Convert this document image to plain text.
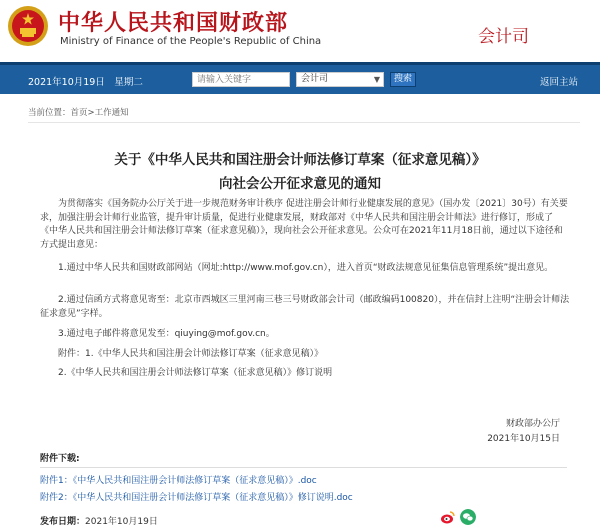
中华人民共和国财政部
Ministry of Finance of the People's Republic of China	会计司
2021年10月19日　星期二
请输入关键字	会计司	▼	搜索	返回主站
当前位置：首页>工作通知
关于《中华人民共和国注册会计师法修订草案（征求意见稿）》
向社会公开征求意见的通知

为贯彻落实《国务院办公厅关于进一步规范财务审计秩序 促进注册会计师行业健康发展的意见》（国办发〔2021〕30号）有关要求，加强注册会计师行业监管，提升审计质量，促进行业健康发展，财政部对《中华人民共和国注册会计师法》进行修订，形成了《中华人民共和国注册会计师法修订草案（征求意见稿）》，现向社会公开征求意见。公众可在2021年11月18日前，通过以下途径和方式提出意见：

1.通过中华人民共和国财政部网站（网址:http://www.mof.gov.cn），进入首页“财政法规意见征集信息管理系统”提出意见。

2.通过信函方式将意见寄至：北京市西城区三里河南三巷三号财政部会计司（邮政编码100820），并在信封上注明“注册会计师法征求意见”字样。

3.通过电子邮件将意见发至：qiuying@mof.gov.cn。

附件：1.《中华人民共和国注册会计师法修订草案（征求意见稿）》

2.《中华人民共和国注册会计师法修订草案（征求意见稿）》修订说明

财政部办公厅
2021年10月15日
附件下载:
附件1：《中华人民共和国注册会计师法修订草案（征求意见稿）》.doc
附件2：《中华人民共和国注册会计师法修订草案（征求意见稿）》修订说明.doc
发布日期：2021年10月19日
